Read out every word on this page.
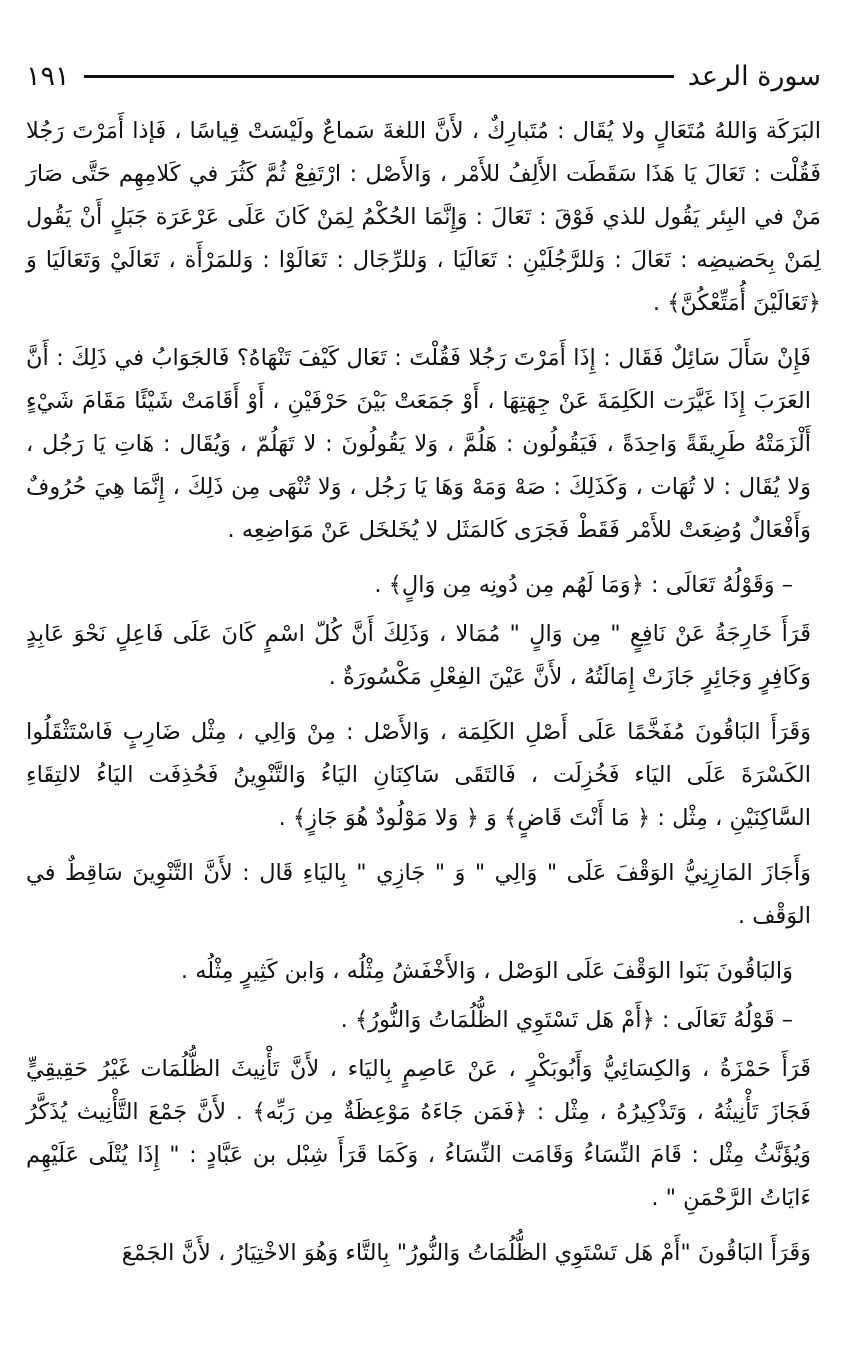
سورة الرعد
١٩١

البَرَكَة وَاللهُ مُتَعَالٍ ولا يُقَال : مُتَبارِكٌ ، لأَنَّ اللغةَ سَماعٌ ولَيْسَتْ قِياسًا ، فَإذا أَمَرْتَ رَجُلا فَقُلْت : تَعَالَ يَا هَذَا سَقَطَت الأَلِفُ للأَمْر ، وَالأَصْل : ارْتَفِعْ ثُمَّ كَثُرَ في كَلامِهِم حَتَّى صَارَ مَنْ في البِئر يَقُول للذي فَوْقَ : تَعَالَ : وَإِنَّمَا الحُكْمُ لِمَنْ كَانَ عَلَى عَرْعَرَة جَبَلٍ أَنْ يَقُول لِمَنْ بِحَضيضِه : تَعَالَ : وَللرَّجُلَيْنِ : تَعَالَيَا ، وَللرِّجَال : تَعَالَوْا : وَللمَرْأَة ، تَعَالَيْ وَتَعَالَيَا وَ ﴿تَعَالَيْنَ أُمَتِّعْكُنَّ﴾ .

فَإِنْ سَأَلَ سَائِلٌ فَقَال : إِذَا أَمَرْتَ رَجُلا فَقُلْتَ : تَعَال كَيْفَ تَنْهَاهُ؟ فَالجَوَابُ في ذَلِكَ : أَنَّ العَرَبَ إِذَا غَيَّرَت الكَلِمَةَ عَنْ جِهَتِهَا ، أَوْ جَمَعَتْ بَيْنَ حَرْفَيْنِ ، أَوْ أَقَامَتْ شَيْئًا مَقَامَ شَيْءٍ أَلْزَمَتْهُ طَرِيقَةً وَاحِدَةً ، فَيَقُولُون : هَلُمَّ ، وَلا يَقُولُونَ : لا تَهَلُمّ ، وَيُقَال : هَاتِ يَا رَجُل ، وَلا يُقَال : لا تُهَات ، وَكَذَلِكَ : صَهْ وَمَهْ وَهَا يَا رَجُل ، وَلا تُنْهَى مِن ذَلِكَ ، إِنَّمَا هِيَ حُرُوفٌ وَأَفْعَالٌ وُضِعَتْ للأَمْر فَقَطْ فَجَرَى كَالمَثَل لا يُخَلخَل عَنْ مَوَاضِعِه .

– وَقَوْلُهُ تَعَالَى : ﴿وَمَا لَهُم مِن دُونِه مِن وَالٍ﴾ .

قَرَأَ خَارِجَةُ عَنْ نَافِعٍ " مِن وَالٍ " مُمَالا ، وَذَلِكَ أَنَّ كُلّ اسْمٍ كَانَ عَلَى فَاعِلٍ نَحْوَ عَابِدٍ وَكَافِرٍ وَجَائِرٍ جَازَتْ إِمَالَتُهُ ، لأَنَّ عَيْنَ الفِعْلِ مَكْسُورَةٌ .

وَقَرَأَ البَاقُونَ مُفَخَّمًا عَلَى أَصْلِ الكَلِمَة ، وَالأَصْل : مِنْ وَالِي ، مِثْل ضَارِبٍ فَاسْتَثْقَلُوا الكَسْرَةَ عَلَى اليَاء فَخُزِلَت ، فَالتَقَى سَاكِنَانِ اليَاءُ وَالتَّنْوِينُ فَحُذِفَت اليَاءُ لالتِقَاءِ السَّاكِنَيْنِ ، مِثْل : ﴿ مَا أَنْتَ قَاضٍ﴾ وَ ﴿ وَلا مَوْلُودٌ هُوَ جَازٍ﴾ .

وَأَجَازَ المَازِنِيُّ الوَقْفَ عَلَى " وَالِي " وَ " جَازِي " بِاليَاءِ قَال : لأَنَّ التَّنْوِينَ سَاقِطٌ في الوَقْف .

وَالبَاقُونَ بَنَوا الوَقْفَ عَلَى الوَصْل ، وَالأَخْفَشُ مِثْلُه ، وَابن كَثِيرٍ مِثْلُه .

– قَوْلُهُ تَعَالَى : ﴿أَمْ هَل تَسْتَوِي الظُّلُمَاتُ وَالنُّورُ﴾ .

قَرَأَ حَمْزَةُ ، وَالكِسَائِيُّ وَأَبُوبَكْرٍ ، عَنْ عَاصِمٍ بِاليَاء ، لأَنَّ تَأْنِيثَ الظُّلُمَات غَيْرُ حَقِيقِيٍّ فَجَازَ تَأْنِيثُهُ ، وَتَذْكِيرُهُ ، مِثْل : ﴿فَمَن جَاءَهُ مَوْعِظَةٌ مِن رَبِّه﴾ . لأَنَّ جَمْعَ التَّأْنِيث يُذَكَّرُ وَيُؤَنَّثُ مِثْل : قَامَ النِّسَاءُ وَقَامَت النِّسَاءُ ، وَكَمَا قَرَأَ شِبْل بن عَبَّادٍ : " إِذَا يُتْلَى عَلَيْهِم ءَايَاتُ الرَّحْمَنِ " .

وَقَرَأَ البَاقُونَ "أَمْ هَل تَسْتَوِي الظُّلُمَاتُ وَالنُّورُ" بِالتَّاء وَهُوَ الاخْتِيَارُ ، لأَنَّ الجَمْعَ
